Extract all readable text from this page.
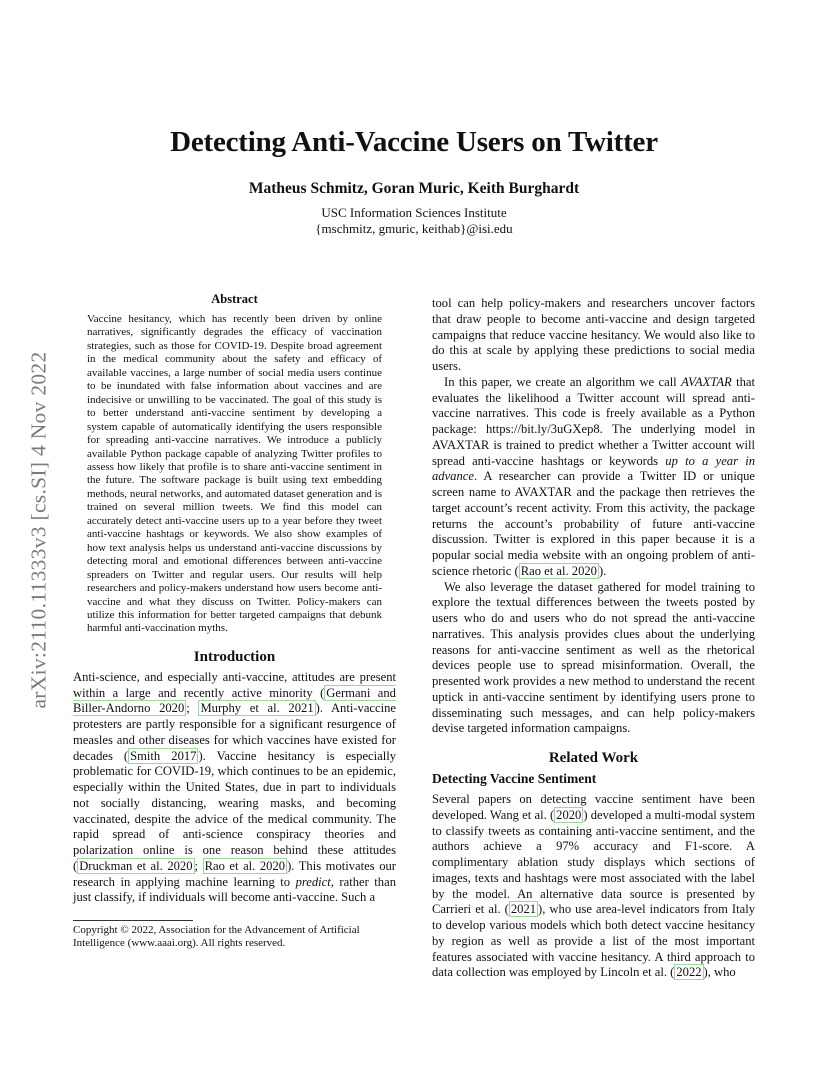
arXiv:2110.11333v3 [cs.SI] 4 Nov 2022
Detecting Anti-Vaccine Users on Twitter
Matheus Schmitz, Goran Muric, Keith Burghardt
USC Information Sciences Institute
{mschmitz, gmuric, keithab}@isi.edu
Abstract
Vaccine hesitancy, which has recently been driven by online narratives, significantly degrades the efficacy of vaccination strategies, such as those for COVID-19. Despite broad agreement in the medical community about the safety and efficacy of available vaccines, a large number of social media users continue to be inundated with false information about vaccines and are indecisive or unwilling to be vaccinated. The goal of this study is to better understand anti-vaccine sentiment by developing a system capable of automatically identifying the users responsible for spreading anti-vaccine narratives. We introduce a publicly available Python package capable of analyzing Twitter profiles to assess how likely that profile is to share anti-vaccine sentiment in the future. The software package is built using text embedding methods, neural networks, and automated dataset generation and is trained on several million tweets. We find this model can accurately detect anti-vaccine users up to a year before they tweet anti-vaccine hashtags or keywords. We also show examples of how text analysis helps us understand anti-vaccine discussions by detecting moral and emotional differences between anti-vaccine spreaders on Twitter and regular users. Our results will help researchers and policy-makers understand how users become anti-vaccine and what they discuss on Twitter. Policy-makers can utilize this information for better targeted campaigns that debunk harmful anti-vaccination myths.
Introduction

Anti-science, and especially anti-vaccine, attitudes are present within a large and recently active minority ( Germani and Biller-Andorno 2020 ; Murphy et al. 2021 ). Anti-vaccine protesters are partly responsible for a significant resurgence of measles and other diseases for which vaccines have existed for decades ( Smith 2017 ). Vaccine hesitancy is especially problematic for COVID-19, which continues to be an epidemic, especially within the United States, due in part to individuals not socially distancing, wearing masks, and becoming vaccinated, despite the advice of the medical community. The rapid spread of anti-science conspiracy theories and polarization online is one reason behind these attitudes ( Druckman et al. 2020 ; Rao et al. 2020 ). This motivates our research in applying machine learning to predict, rather than just classify, if individuals will become anti-vaccine. Such a

Copyright © 2022, Association for the Advancement of Artificial Intelligence (www.aaai.org). All rights reserved.

tool can help policy-makers and researchers uncover factors that draw people to become anti-vaccine and design targeted campaigns that reduce vaccine hesitancy. We would also like to do this at scale by applying these predictions to social media users.

In this paper, we create an algorithm we call AVAXTAR that evaluates the likelihood a Twitter account will spread anti-vaccine narratives. This code is freely available as a Python package: https://bit.ly/3uGXep8. The underlying model in AVAXTAR is trained to predict whether a Twitter account will spread anti-vaccine hashtags or keywords up to a year in advance. A researcher can provide a Twitter ID or unique screen name to AVAXTAR and the package then retrieves the target account’s recent activity. From this activity, the package returns the account’s probability of future anti-vaccine discussion. Twitter is explored in this paper because it is a popular social media website with an ongoing problem of anti-science rhetoric ( Rao et al. 2020 ).

We also leverage the dataset gathered for model training to explore the textual differences between the tweets posted by users who do and users who do not spread the anti-vaccine narratives. This analysis provides clues about the underlying reasons for anti-vaccine sentiment as well as the rhetorical devices people use to spread misinformation. Overall, the presented work provides a new method to understand the recent uptick in anti-vaccine sentiment by identifying users prone to disseminating such messages, and can help policy-makers devise targeted information campaigns.

Related Work
Detecting Vaccine Sentiment

Several papers on detecting vaccine sentiment have been developed. Wang et al. ( 2020 ) developed a multi-modal system to classify tweets as containing anti-vaccine sentiment, and the authors achieve a 97% accuracy and F1-score. A complimentary ablation study displays which sections of images, texts and hashtags were most associated with the label by the model. An alternative data source is presented by Carrieri et al. ( 2021 ), who use area-level indicators from Italy to develop various models which both detect vaccine hesitancy by region as well as provide a list of the most important features associated with vaccine hesitancy. A third approach to data collection was employed by Lincoln et al. ( 2022 ), who
